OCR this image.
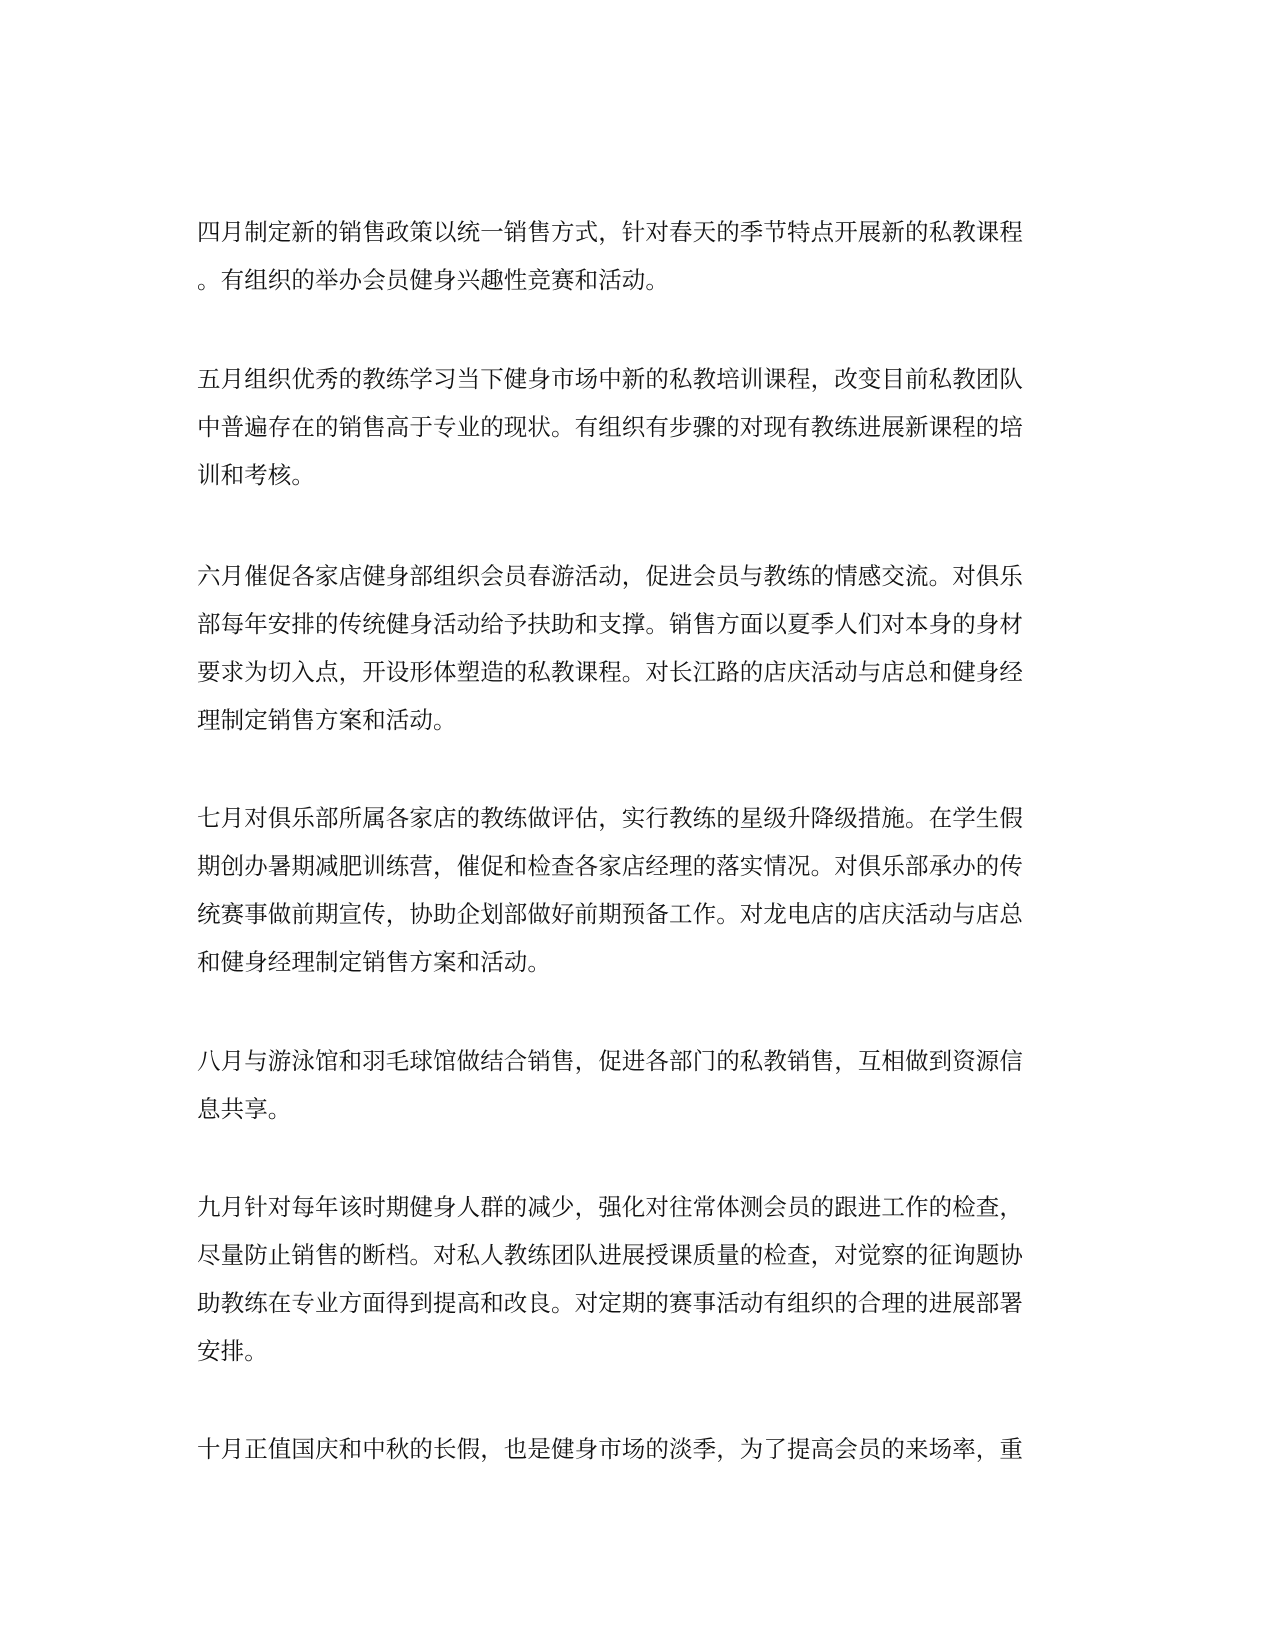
四月制定新的销售政策以统一销售方式，针对春天的季节特点开展新的私教课程
。有组织的举办会员健身兴趣性竞赛和活动。

五月组织优秀的教练学习当下健身市场中新的私教培训课程，改变目前私教团队
中普遍存在的销售高于专业的现状。有组织有步骤的对现有教练进展新课程的培
训和考核。

六月催促各家店健身部组织会员春游活动，促进会员与教练的情感交流。对俱乐
部每年安排的传统健身活动给予扶助和支撑。销售方面以夏季人们对本身的身材
要求为切入点，开设形体塑造的私教课程。对长江路的店庆活动与店总和健身经
理制定销售方案和活动。

七月对俱乐部所属各家店的教练做评估，实行教练的星级升降级措施。在学生假
期创办暑期减肥训练营，催促和检查各家店经理的落实情况。对俱乐部承办的传
统赛事做前期宣传，协助企划部做好前期预备工作。对龙电店的店庆活动与店总
和健身经理制定销售方案和活动。

八月与游泳馆和羽毛球馆做结合销售，促进各部门的私教销售，互相做到资源信
息共享。

九月针对每年该时期健身人群的减少，强化对往常体测会员的跟进工作的检查，
尽量防止销售的断档。对私人教练团队进展授课质量的检查，对觉察的征询题协
助教练在专业方面得到提高和改良。对定期的赛事活动有组织的合理的进展部署
安排。

十月正值国庆和中秋的长假，也是健身市场的淡季，为了提高会员的来场率，重
